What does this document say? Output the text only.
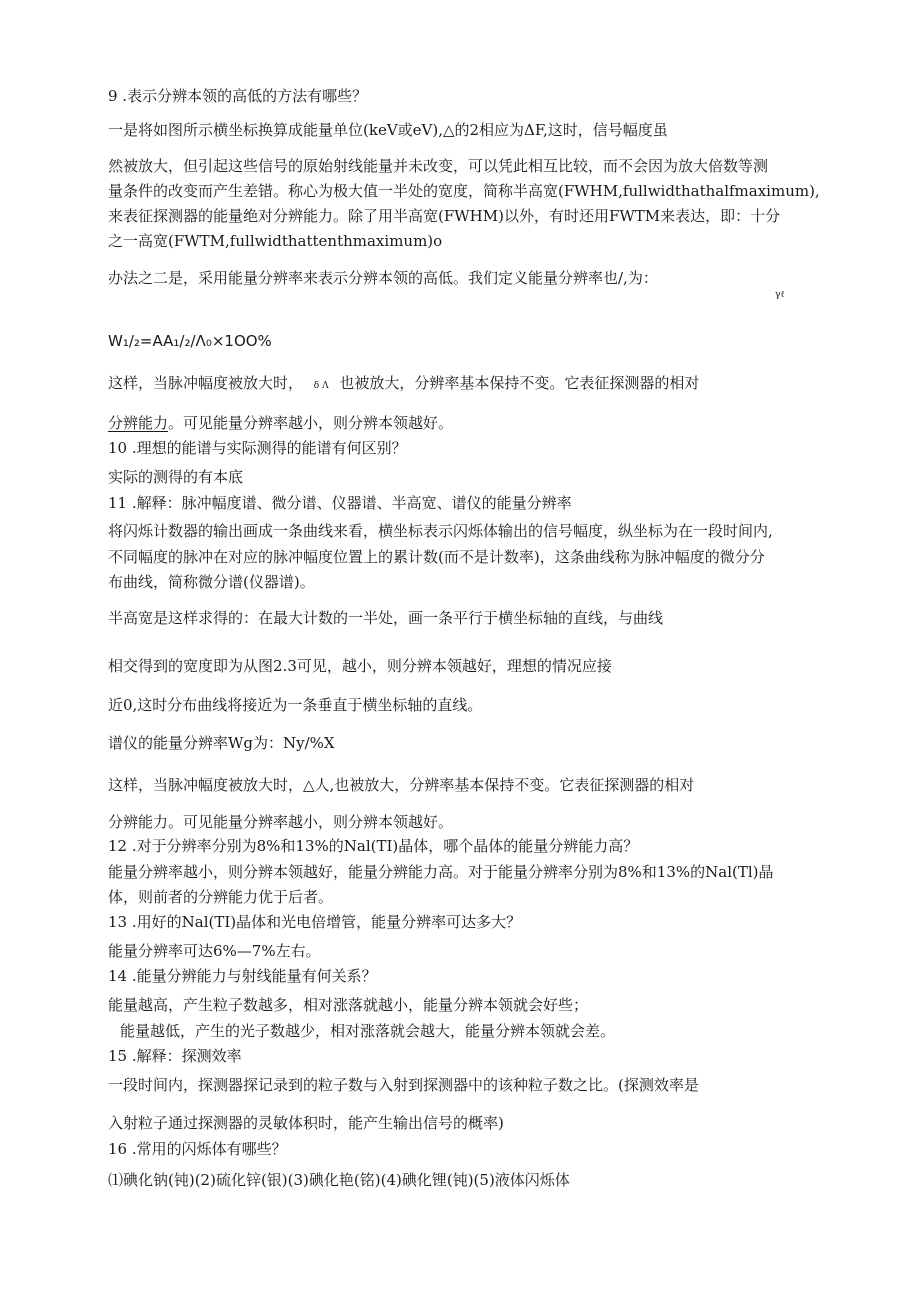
9 .表示分辨本领的高低的方法有哪些？
一是将如图所示横坐标换算成能量单位(keV或eV),△的2相应为ΔF,这时，信号幅度虽
然被放大，但引起这些信号的原始射线能量并未改变，可以凭此相互比较，而不会因为放大倍数等测
量条件的改变而产生差错。称心为极大值一半处的宽度，简称半高宽(FWHM,fullwidthathalfmaximum),
来表征探测器的能量绝对分辨能力。除了用半高宽(FWHM)以外，有时还用FWTM来表达，即：十分
之一高宽(FWTM,fullwidthattenthmaximum)o
办法之二是，采用能量分辨率来表示分辨本领的高低。我们定义能量分辨率也/,为：
γℓ
W₁/₂=AA₁/₂/Λ₀×1OO%
这样，当脉冲幅度被放大时， δ Λ 也被放大，分辨率基本保持不变。它表征探测器的相对
分辨能力。可见能量分辨率越小，则分辨本领越好。
10 .理想的能谱与实际测得的能谱有何区别？
实际的测得的有本底
11 .解释：脉冲幅度谱、微分谱、仪器谱、半高宽、谱仪的能量分辨率
将闪烁计数器的输出画成一条曲线来看，横坐标表示闪烁体输出的信号幅度，纵坐标为在一段时间内,
不同幅度的脉冲在对应的脉冲幅度位置上的累计数(而不是计数率)，这条曲线称为脉冲幅度的微分分
布曲线，简称微分谱(仪器谱)。
半高宽是这样求得的：在最大计数的一半处，画一条平行于横坐标轴的直线，与曲线
相交得到的宽度即为从图2.3可见，越小，则分辨本领越好，理想的情况应接
近0,这时分布曲线将接近为一条垂直于横坐标轴的直线。
谱仪的能量分辨率Wg为：Ny/%X
这样，当脉冲幅度被放大时，△人,也被放大，分辨率基本保持不变。它表征探测器的相对
分辨能力。可见能量分辨率越小，则分辨本领越好。
12 .对于分辨率分别为8%和13%的Nal(TI)晶体，哪个晶体的能量分辨能力高？
能量分辨率越小，则分辨本领越好，能量分辨能力高。对于能量分辨率分别为8%和13%的Nal(Tl)晶
体，则前者的分辨能力优于后者。
13 .用好的Nal(TI)晶体和光电倍增管，能量分辨率可达多大？
能量分辨率可达6%—7%左右。
14 .能量分辨能力与射线能量有何关系？
能量越高，产生粒子数越多，相对涨落就越小，能量分辨本领就会好些；
能量越低，产生的光子数越少，相对涨落就会越大，能量分辨本领就会差。
15 .解释：探测效率
一段时间内，探测器探记录到的粒子数与入射到探测器中的该种粒子数之比。(探测效率是
入射粒子通过探测器的灵敏体积时，能产生输出信号的概率)
16 .常用的闪烁体有哪些？
⑴碘化钠(钝)(2)硫化锌(银)(3)碘化艳(铭)(4)碘化锂(钝)(5)液体闪烁体
